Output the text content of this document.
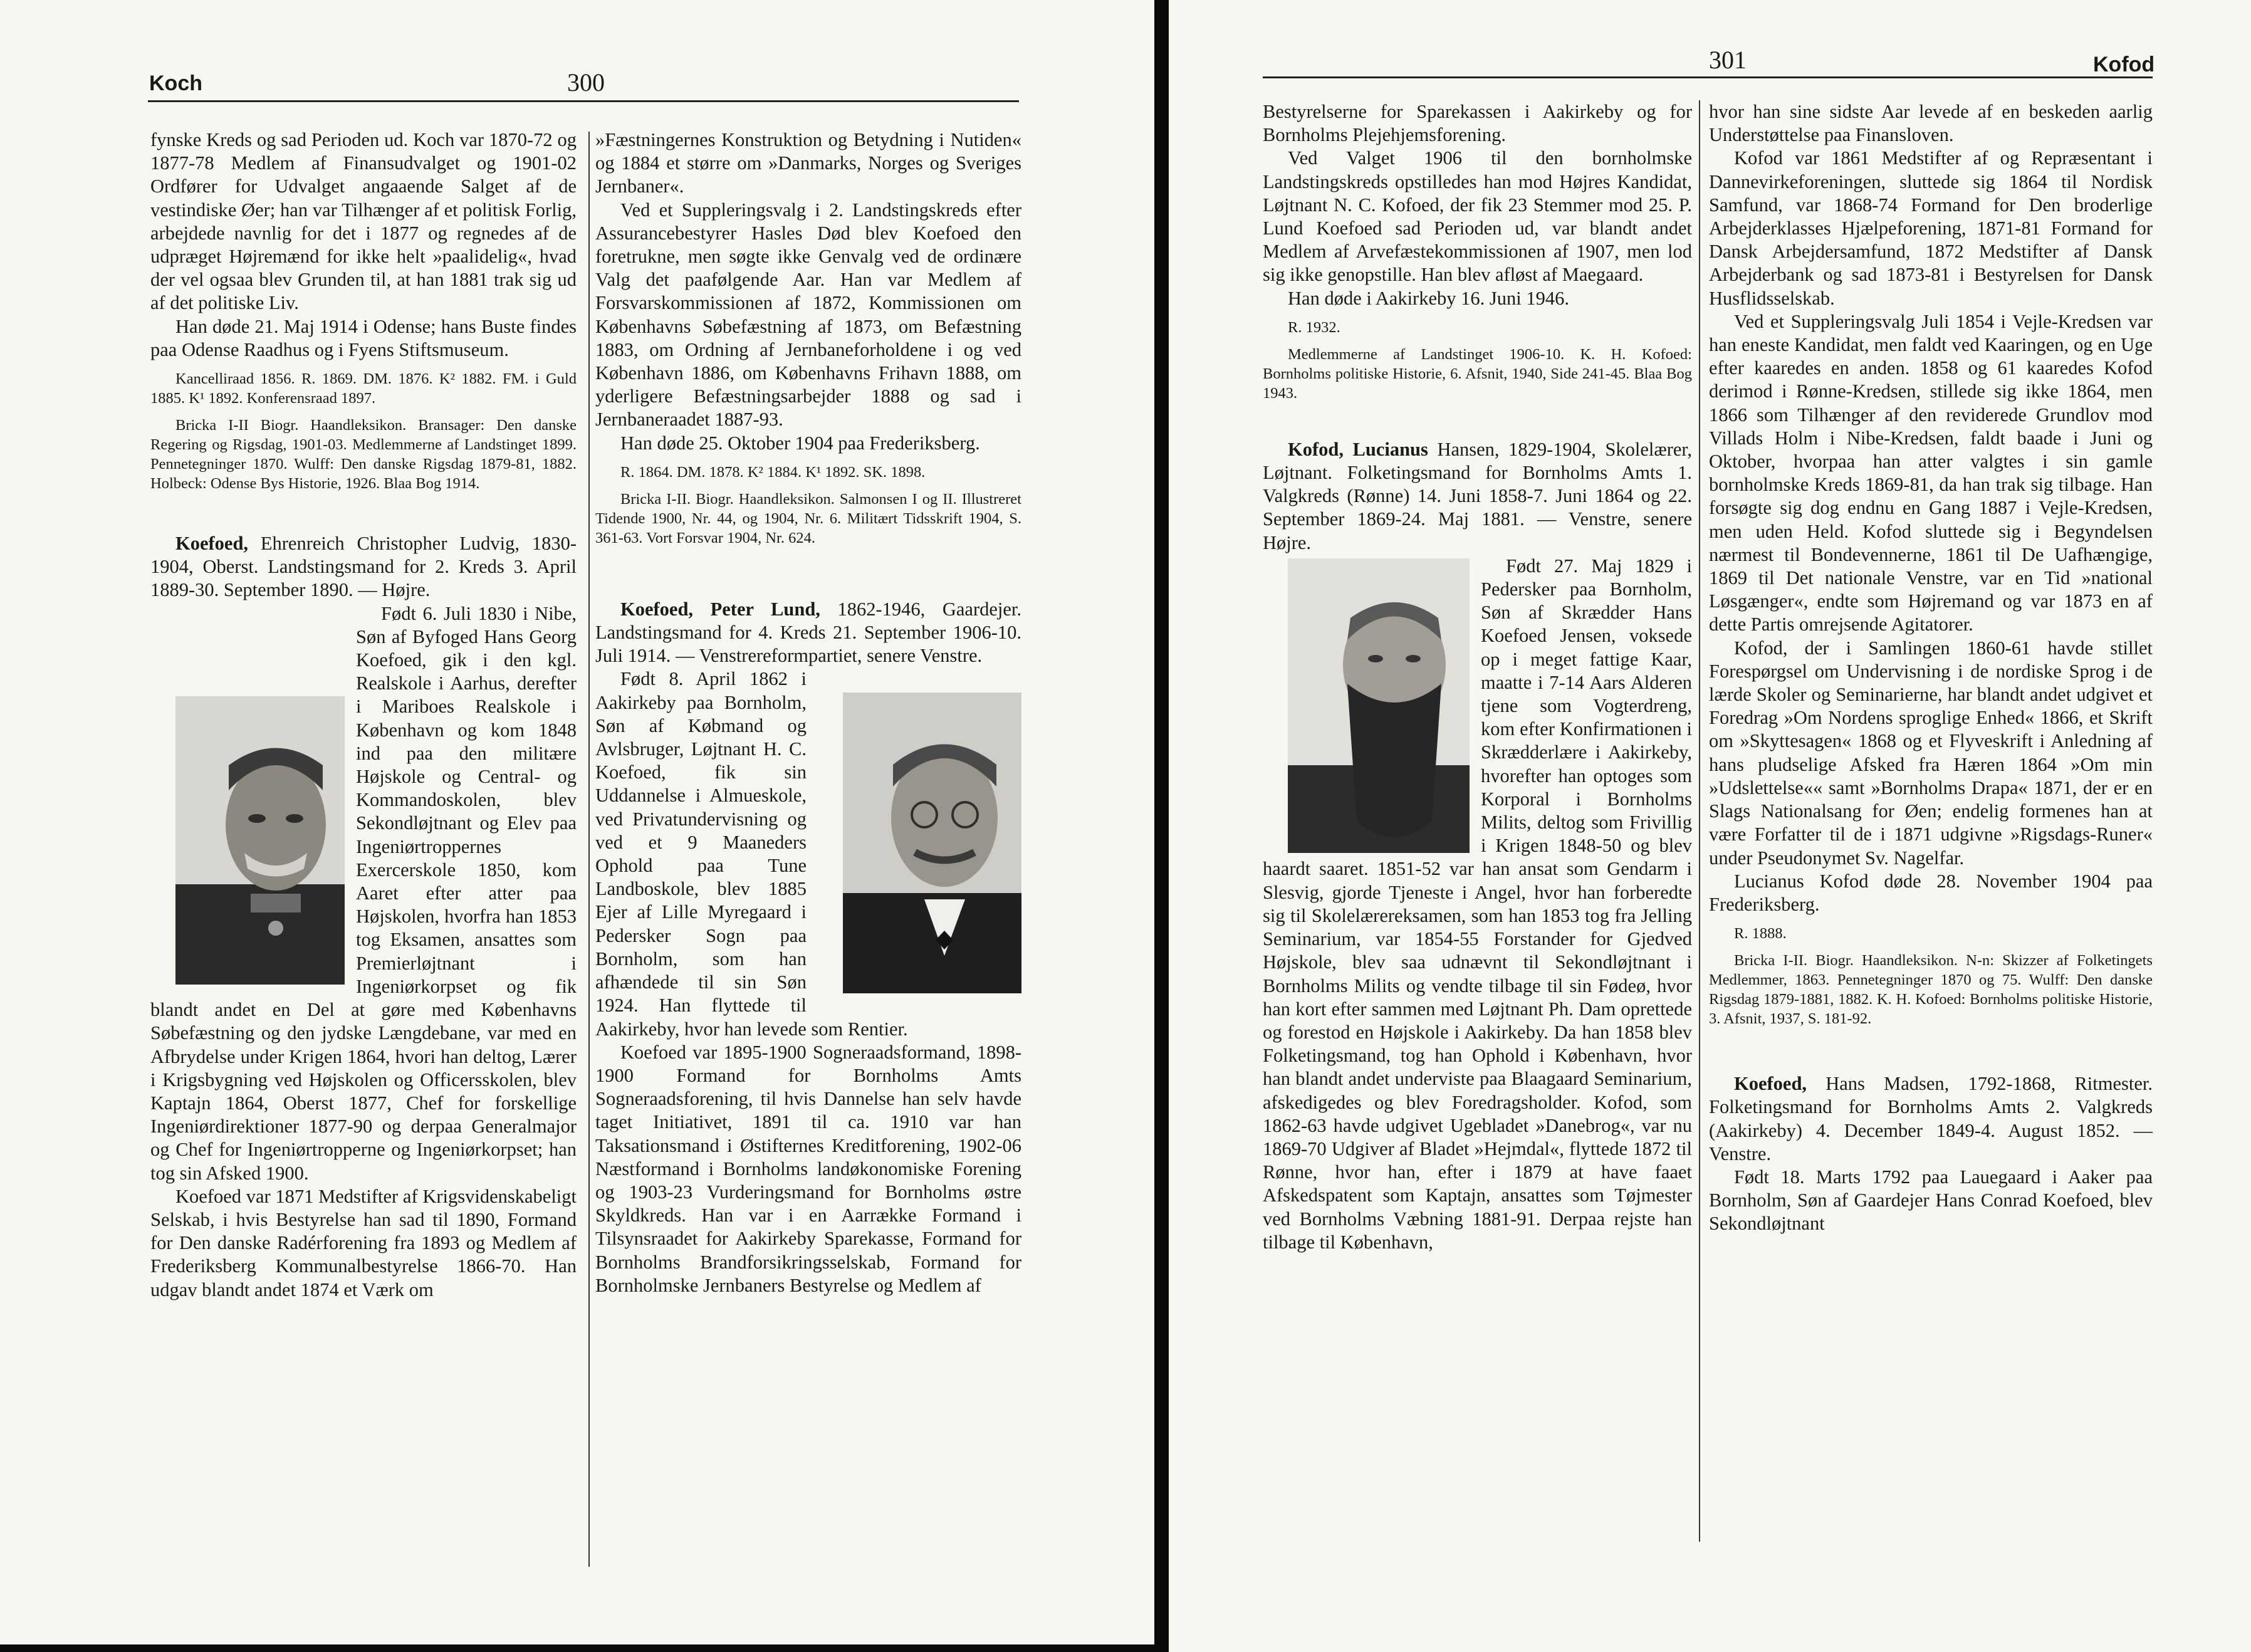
Koch	300

fynske Kreds og sad Perioden ud. Koch var 1870-72 og 1877-78 Medlem af Finansudvalget og 1901-02 Ordfører for Udvalget angaaende Salget af de vestindiske Øer; han var Tilhænger af et politisk Forlig, arbejdede navnlig for det i 1877 og regnedes af de udpræget Højremænd for ikke helt »paalidelig«, hvad der vel ogsaa blev Grunden til, at han 1881 trak sig ud af det politiske Liv.

Han døde 21. Maj 1914 i Odense; hans Buste findes paa Odense Raadhus og i Fyens Stiftsmuseum.

Kancelliraad 1856. R. 1869. DM. 1876. K² 1882. FM. i Guld 1885. K¹ 1892. Konferensraad 1897.

Bricka I-II Biogr. Haandleksikon. Bransager: Den danske Regering og Rigsdag, 1901-03. Medlemmerne af Landstinget 1899. Pennetegninger 1870. Wulff: Den danske Rigsdag 1879-81, 1882. Holbeck: Odense Bys Historie, 1926. Blaa Bog 1914.

Koefoed, Ehrenreich Christopher Ludvig, 1830-1904, Oberst. Landstingsmand for 2. Kreds 3. April 1889-30. September 1890. — Højre.

Født 6. Juli 1830 i Nibe, Søn af Byfoged Hans Georg Koefoed, gik i den kgl. Realskole i Aarhus, derefter i Mariboes Realskole i København og kom 1848 ind paa den militære Højskole og Central- og Kommandoskolen, blev Sekondløjtnant og Elev paa Ingeniørtroppernes Exercerskole 1850, kom Aaret efter atter paa Højskolen, hvorfra han 1853 tog Eksamen, ansattes som Premierløjtnant i Ingeniørkorpset og fik blandt andet en Del at gøre med Københavns Søbefæstning og den jydske Længdebane, var med en Afbrydelse under Krigen 1864, hvori han deltog, Lærer i Krigsbygning ved Højskolen og Officersskolen, blev Kaptajn 1864, Oberst 1877, Chef for forskellige Ingeniørdirektioner 1877-90 og derpaa Generalmajor og Chef for Ingeniørtropperne og Ingeniørkorpset; han tog sin Afsked 1900.

Koefoed var 1871 Medstifter af Krigsvidenskabeligt Selskab, i hvis Bestyrelse han sad til 1890, Formand for Den danske Radérforening fra 1893 og Medlem af Frederiksberg Kommunalbestyrelse 1866-70. Han udgav blandt andet 1874 et Værk om

»Fæstningernes Konstruktion og Betydning i Nutiden« og 1884 et større om »Danmarks, Norges og Sveriges Jernbaner«.

Ved et Suppleringsvalg i 2. Landstingskreds efter Assurancebestyrer Hasles Død blev Koefoed den foretrukne, men søgte ikke Genvalg ved de ordinære Valg det paafølgende Aar. Han var Medlem af Forsvarskommissionen af 1872, Kommissionen om Københavns Søbefæstning af 1873, om Befæstning 1883, om Ordning af Jernbaneforholdene i og ved København 1886, om Københavns Frihavn 1888, om yderligere Befæstningsarbejder 1888 og sad i Jernbaneraadet 1887-93.

Han døde 25. Oktober 1904 paa Frederiksberg.

R. 1864. DM. 1878. K² 1884. K¹ 1892. SK. 1898.

Bricka I-II. Biogr. Haandleksikon. Salmonsen I og II. Illustreret Tidende 1900, Nr. 44, og 1904, Nr. 6. Militært Tidsskrift 1904, S. 361-63. Vort Forsvar 1904, Nr. 624.

Koefoed, Peter Lund, 1862-1946, Gaardejer. Landstingsmand for 4. Kreds 21. September 1906-10. Juli 1914. — Venstrereformpartiet, senere Venstre.

Født 8. April 1862 i Aakirkeby paa Bornholm, Søn af Købmand og Avlsbruger, Løjtnant H. C. Koefoed, fik sin Uddannelse i Almueskole, ved Privatundervisning og ved et 9 Maaneders Ophold paa Tune Landboskole, blev 1885 Ejer af Lille Myregaard i Pedersker Sogn paa Bornholm, som han afhændede til sin Søn 1924. Han flyttede til Aakirkeby, hvor han levede som Rentier.

Koefoed var 1895-1900 Sogneraadsformand, 1898-1900 Formand for Bornholms Amts Sogneraadsforening, til hvis Dannelse han selv havde taget Initiativet, 1891 til ca. 1910 var han Taksationsmand i Østifternes Kreditforening, 1902-06 Næstformand i Bornholms landøkonomiske Forening og 1903-23 Vurderingsmand for Bornholms østre Skyldkreds. Han var i en Aarrække Formand i Tilsynsraadet for Aakirkeby Sparekasse, Formand for Bornholms Brandforsikringsselskab, Formand for Bornholmske Jernbaners Bestyrelse og Medlem af

301	Kofod

Bestyrelserne for Sparekassen i Aakirkeby og for Bornholms Plejehjemsforening.

Ved Valget 1906 til den bornholmske Landstingskreds opstilledes han mod Højres Kandidat, Løjtnant N. C. Kofoed, der fik 23 Stemmer mod 25. P. Lund Koefoed sad Perioden ud, var blandt andet Medlem af Arvefæstekommissionen af 1907, men lod sig ikke genopstille. Han blev afløst af Maegaard.

Han døde i Aakirkeby 16. Juni 1946.

R. 1932.

Medlemmerne af Landstinget 1906-10. K. H. Kofoed: Bornholms politiske Historie, 6. Afsnit, 1940, Side 241-45. Blaa Bog 1943.

Kofod, Lucianus Hansen, 1829-1904, Skolelærer, Løjtnant. Folketingsmand for Bornholms Amts 1. Valgkreds (Rønne) 14. Juni 1858-7. Juni 1864 og 22. September 1869-24. Maj 1881. — Venstre, senere Højre.

Født 27. Maj 1829 i Pedersker paa Bornholm, Søn af Skrædder Hans Koefoed Jensen, voksede op i meget fattige Kaar, maatte i 7-14 Aars Alderen tjene som Vogterdreng, kom efter Konfirmationen i Skrædderlære i Aakirkeby, hvorefter han optoges som Korporal i Bornholms Milits, deltog som Frivillig i Krigen 1848-50 og blev haardt saaret. 1851-52 var han ansat som Gendarm i Slesvig, gjorde Tjeneste i Angel, hvor han forberedte sig til Skolelærereksamen, som han 1853 tog fra Jelling Seminarium, var 1854-55 Forstander for Gjedved Højskole, blev saa udnævnt til Sekondløjtnant i Bornholms Milits og vendte tilbage til sin Fødeø, hvor han kort efter sammen med Løjtnant Ph. Dam oprettede og forestod en Højskole i Aakirkeby. Da han 1858 blev Folketingsmand, tog han Ophold i København, hvor han blandt andet underviste paa Blaagaard Seminarium, afskedigedes og blev Foredragsholder. Kofod, som 1862-63 havde udgivet Ugebladet »Danebrog«, var nu 1869-70 Udgiver af Bladet »Hejmdal«, flyttede 1872 til Rønne, hvor han, efter i 1879 at have faaet Afskedspatent som Kaptajn, ansattes som Tøjmester ved Bornholms Væbning 1881-91. Derpaa rejste han tilbage til København,

hvor han sine sidste Aar levede af en beskeden aarlig Understøttelse paa Finansloven.

Kofod var 1861 Medstifter af og Repræsentant i Dannevirkeforeningen, sluttede sig 1864 til Nordisk Samfund, var 1868-74 Formand for Den broderlige Arbejderklasses Hjælpeforening, 1871-81 Formand for Dansk Arbejdersamfund, 1872 Medstifter af Dansk Arbejderbank og sad 1873-81 i Bestyrelsen for Dansk Husflidsselskab.

Ved et Suppleringsvalg Juli 1854 i Vejle-Kredsen var han eneste Kandidat, men faldt ved Kaaringen, og en Uge efter kaaredes en anden. 1858 og 61 kaaredes Kofod derimod i Rønne-Kredsen, stillede sig ikke 1864, men 1866 som Tilhænger af den reviderede Grundlov mod Villads Holm i Nibe-Kredsen, faldt baade i Juni og Oktober, hvorpaa han atter valgtes i sin gamle bornholmske Kreds 1869-81, da han trak sig tilbage. Han forsøgte sig dog endnu en Gang 1887 i Vejle-Kredsen, men uden Held. Kofod sluttede sig i Begyndelsen nærmest til Bondevennerne, 1861 til De Uafhængige, 1869 til Det nationale Venstre, var en Tid »national Løsgænger«, endte som Højremand og var 1873 en af dette Partis omrejsende Agitatorer.

Kofod, der i Samlingen 1860-61 havde stillet Forespørgsel om Undervisning i de nordiske Sprog i de lærde Skoler og Seminarierne, har blandt andet udgivet et Foredrag »Om Nordens sproglige Enhed« 1866, et Skrift om »Skyttesagen« 1868 og et Flyveskrift i Anledning af hans pludselige Afsked fra Hæren 1864 »Om min »Udslettelse«« samt »Bornholms Drapa« 1871, der er en Slags Nationalsang for Øen; endelig formenes han at være Forfatter til de i 1871 udgivne »Rigsdags-Runer« under Pseudonymet Sv. Nagelfar.

Lucianus Kofod døde 28. November 1904 paa Frederiksberg.

R. 1888.

Bricka I-II. Biogr. Haandleksikon. N-n: Skizzer af Folketingets Medlemmer, 1863. Pennetegninger 1870 og 75. Wulff: Den danske Rigsdag 1879-1881, 1882. K. H. Kofoed: Bornholms politiske Historie, 3. Afsnit, 1937, S. 181-92.

Koefoed, Hans Madsen, 1792-1868, Ritmester. Folketingsmand for Bornholms Amts 2. Valgkreds (Aakirkeby) 4. December 1849-4. August 1852. — Venstre.

Født 18. Marts 1792 paa Lauegaard i Aaker paa Bornholm, Søn af Gaardejer Hans Conrad Koefoed, blev Sekondløjtnant
